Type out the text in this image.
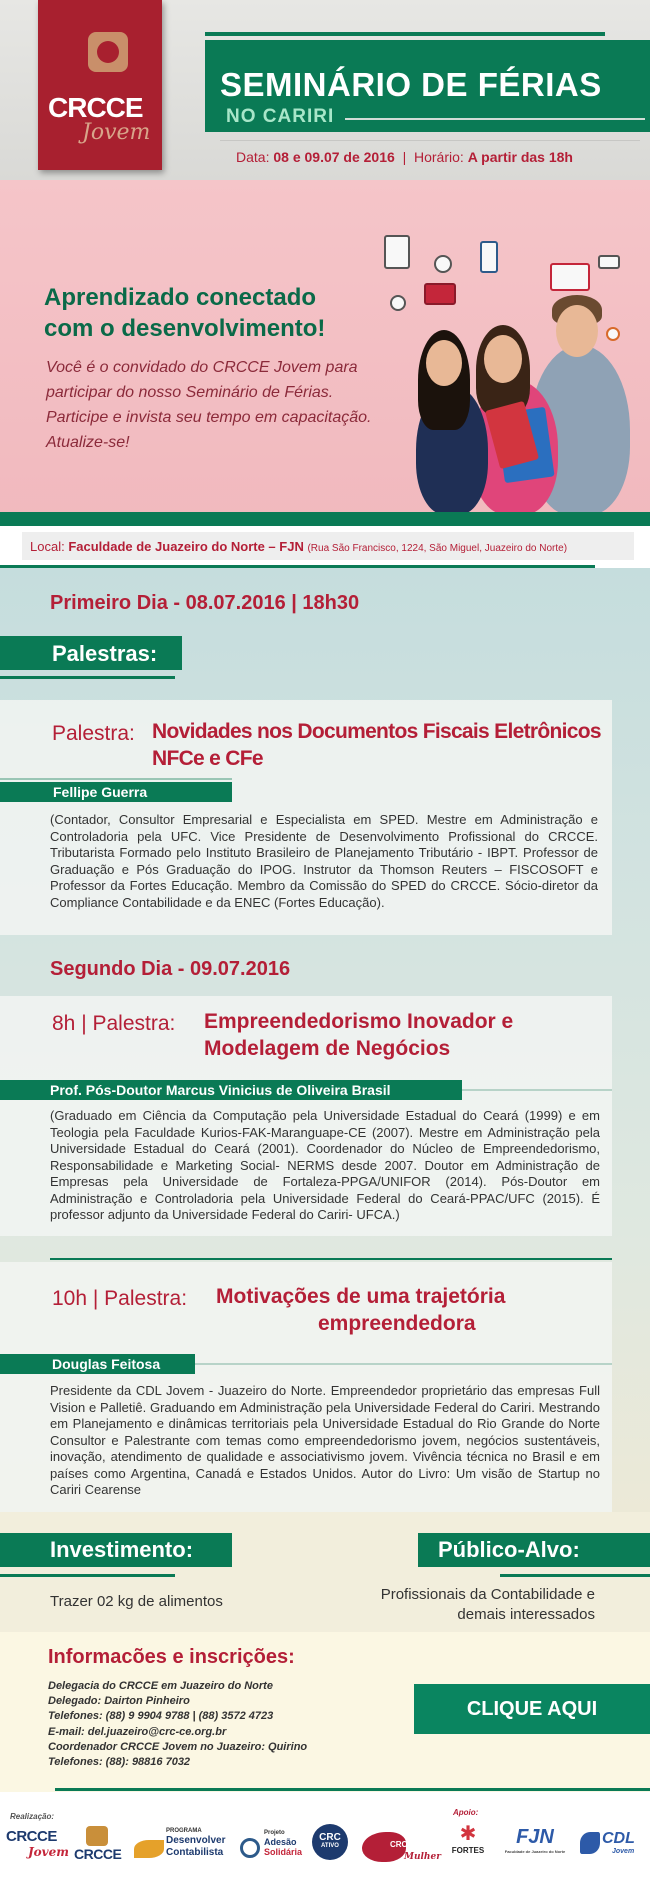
CRCCE
Jovem
SEMINÁRIO DE FÉRIAS
NO CARIRI
Data: 08 e 09.07 de 2016  |  Horário: A partir das 18h
Aprendizado conectado
com o desenvolvimento!
Você é o convidado do CRCCE Jovem para participar do nosso Seminário de Férias. Participe e invista seu tempo em capacitação. Atualize-se!
Local: Faculdade de Juazeiro do Norte – FJN (Rua São Francisco, 1224, São Miguel, Juazeiro do Norte)
Primeiro Dia - 08.07.2016 | 18h30
Palestras:
Palestra: Novidades nos Documentos Fiscais Eletrônicos
NFCe e CFe
Fellipe Guerra
(Contador, Consultor Empresarial e Especialista em SPED. Mestre em Administração e Controladoria pela UFC. Vice Presidente de Desenvolvimento Profissional do CRCCE. Tributarista Formado pelo Instituto Brasileiro de Planejamento Tributário - IBPT. Professor de Graduação e Pós Graduação do IPOG. Instrutor da Thomson Reuters – FISCOSOFT e Professor da Fortes Educação. Membro da Comissão do SPED do CRCCE. Sócio-diretor da Compliance Contabilidade e da ENEC (Fortes Educação).
Segundo Dia - 09.07.2016
8h | Palestra: Empreendedorismo Inovador e
Modelagem de Negócios
Prof. Pós-Doutor Marcus Vinicius de Oliveira Brasil
(Graduado em Ciência da Computação pela Universidade Estadual do Ceará (1999) e em Teologia pela Faculdade Kurios-FAK-Maranguape-CE (2007). Mestre em Administração pela Universidade Estadual do Ceará (2001). Coordenador do Núcleo de Empreendedorismo, Responsabilidade e Marketing Social- NERMS desde 2007. Doutor em Administração de Empresas pela Universidade de Fortaleza-PPGA/UNIFOR (2014). Pós-Doutor em Administração e Controladoria pela Universidade Federal do Ceará-PPAC/UFC (2015). É professor adjunto da Universidade Federal do Cariri- UFCA.)
10h | Palestra: Motivações de uma trajetória
empreendedora
Douglas Feitosa
Presidente da CDL Jovem - Juazeiro do Norte. Empreendedor proprietário das empresas Full Vision e Palletiê. Graduando em Administração pela Universidade Federal do Cariri. Mestrando em Planejamento e dinâmicas territoriais pela Universidade Estadual do Rio Grande do Norte Consultor e Palestrante com temas como empreendedorismo jovem, negócios sustentáveis, inovação, atendimento de qualidade e associativismo jovem. Vivência técnica no Brasil e em países como Argentina, Canadá e Estados Unidos. Autor do Livro: Um visão de Startup no Cariri Cearense
Investimento:
Trazer 02 kg de alimentos
Público-Alvo:
Profissionais da Contabilidade e
demais interessados
Informacões e inscrições:
Delegacia do CRCCE em Juazeiro do Norte
Delegado: Dairton Pinheiro
Telefones: (88) 9 9904 9788 | (88) 3572 4723
E-mail: del.juazeiro@crc-ce.org.br
Coordenador CRCCE Jovem no Juazeiro: Quirino
Telefones: (88): 98816 7032
CLIQUE AQUI
Realização:	Apoio:
CRCCE
Jovem CRCCE
PROGRAMA
Desenvolver
Contabilista
Projeto
Adesão
Solidária
CRC
ATIVO	CRCCE
Mulher
✱
FORTES
FJN
Faculdade de Juazeiro do Norte
CDL
Jovem
